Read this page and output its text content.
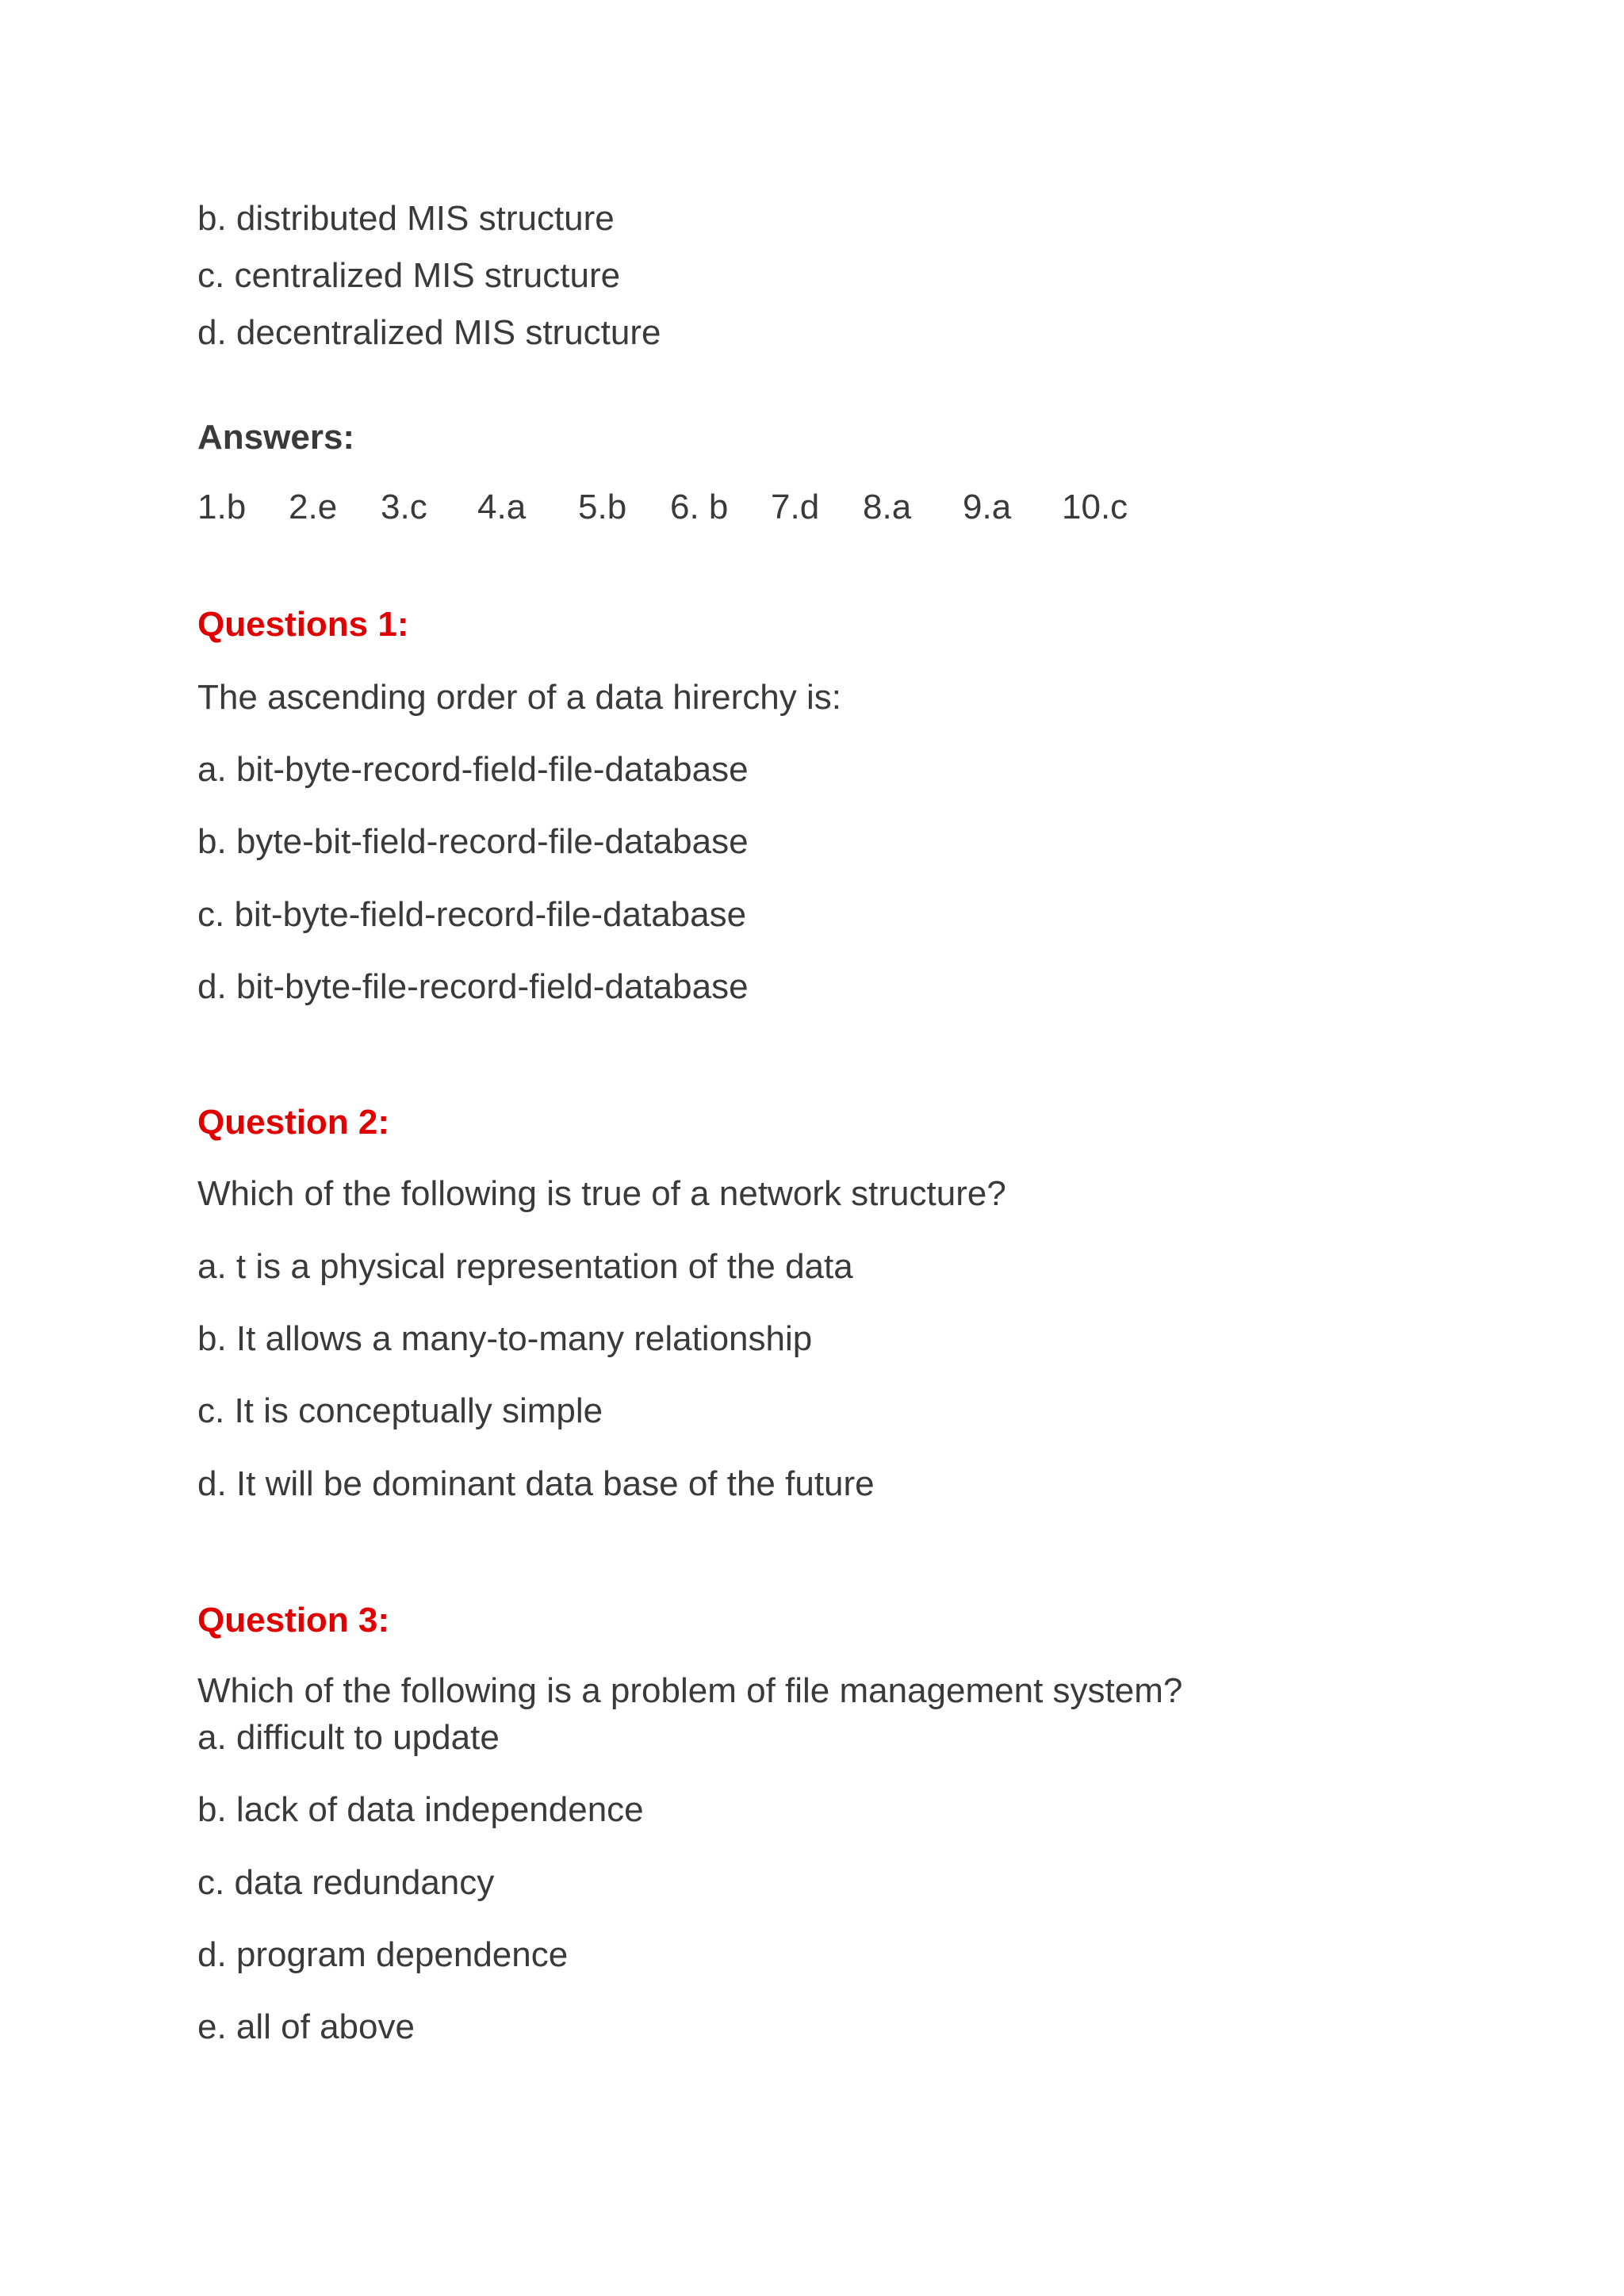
b. distributed MIS structure
c. centralized MIS structure
d. decentralized MIS structure
Answers:
1.b 2.e 3.c 4.a 5.b 6. b 7.d 8.a 9.a 10.c
Questions 1:
The ascending order of a data hirerchy is:
a. bit-byte-record-field-file-database
b. byte-bit-field-record-file-database
c. bit-byte-field-record-file-database
d. bit-byte-file-record-field-database
Question 2:
Which of the following is true of a network structure?
a. t is a physical representation of the data
b. It allows a many-to-many relationship
c. It is conceptually simple
d. It will be dominant data base of the future
Question 3:
Which of the following is a problem of file management system?
a. difficult to update
b. lack of data independence
c. data redundancy
d. program dependence
e. all of above
